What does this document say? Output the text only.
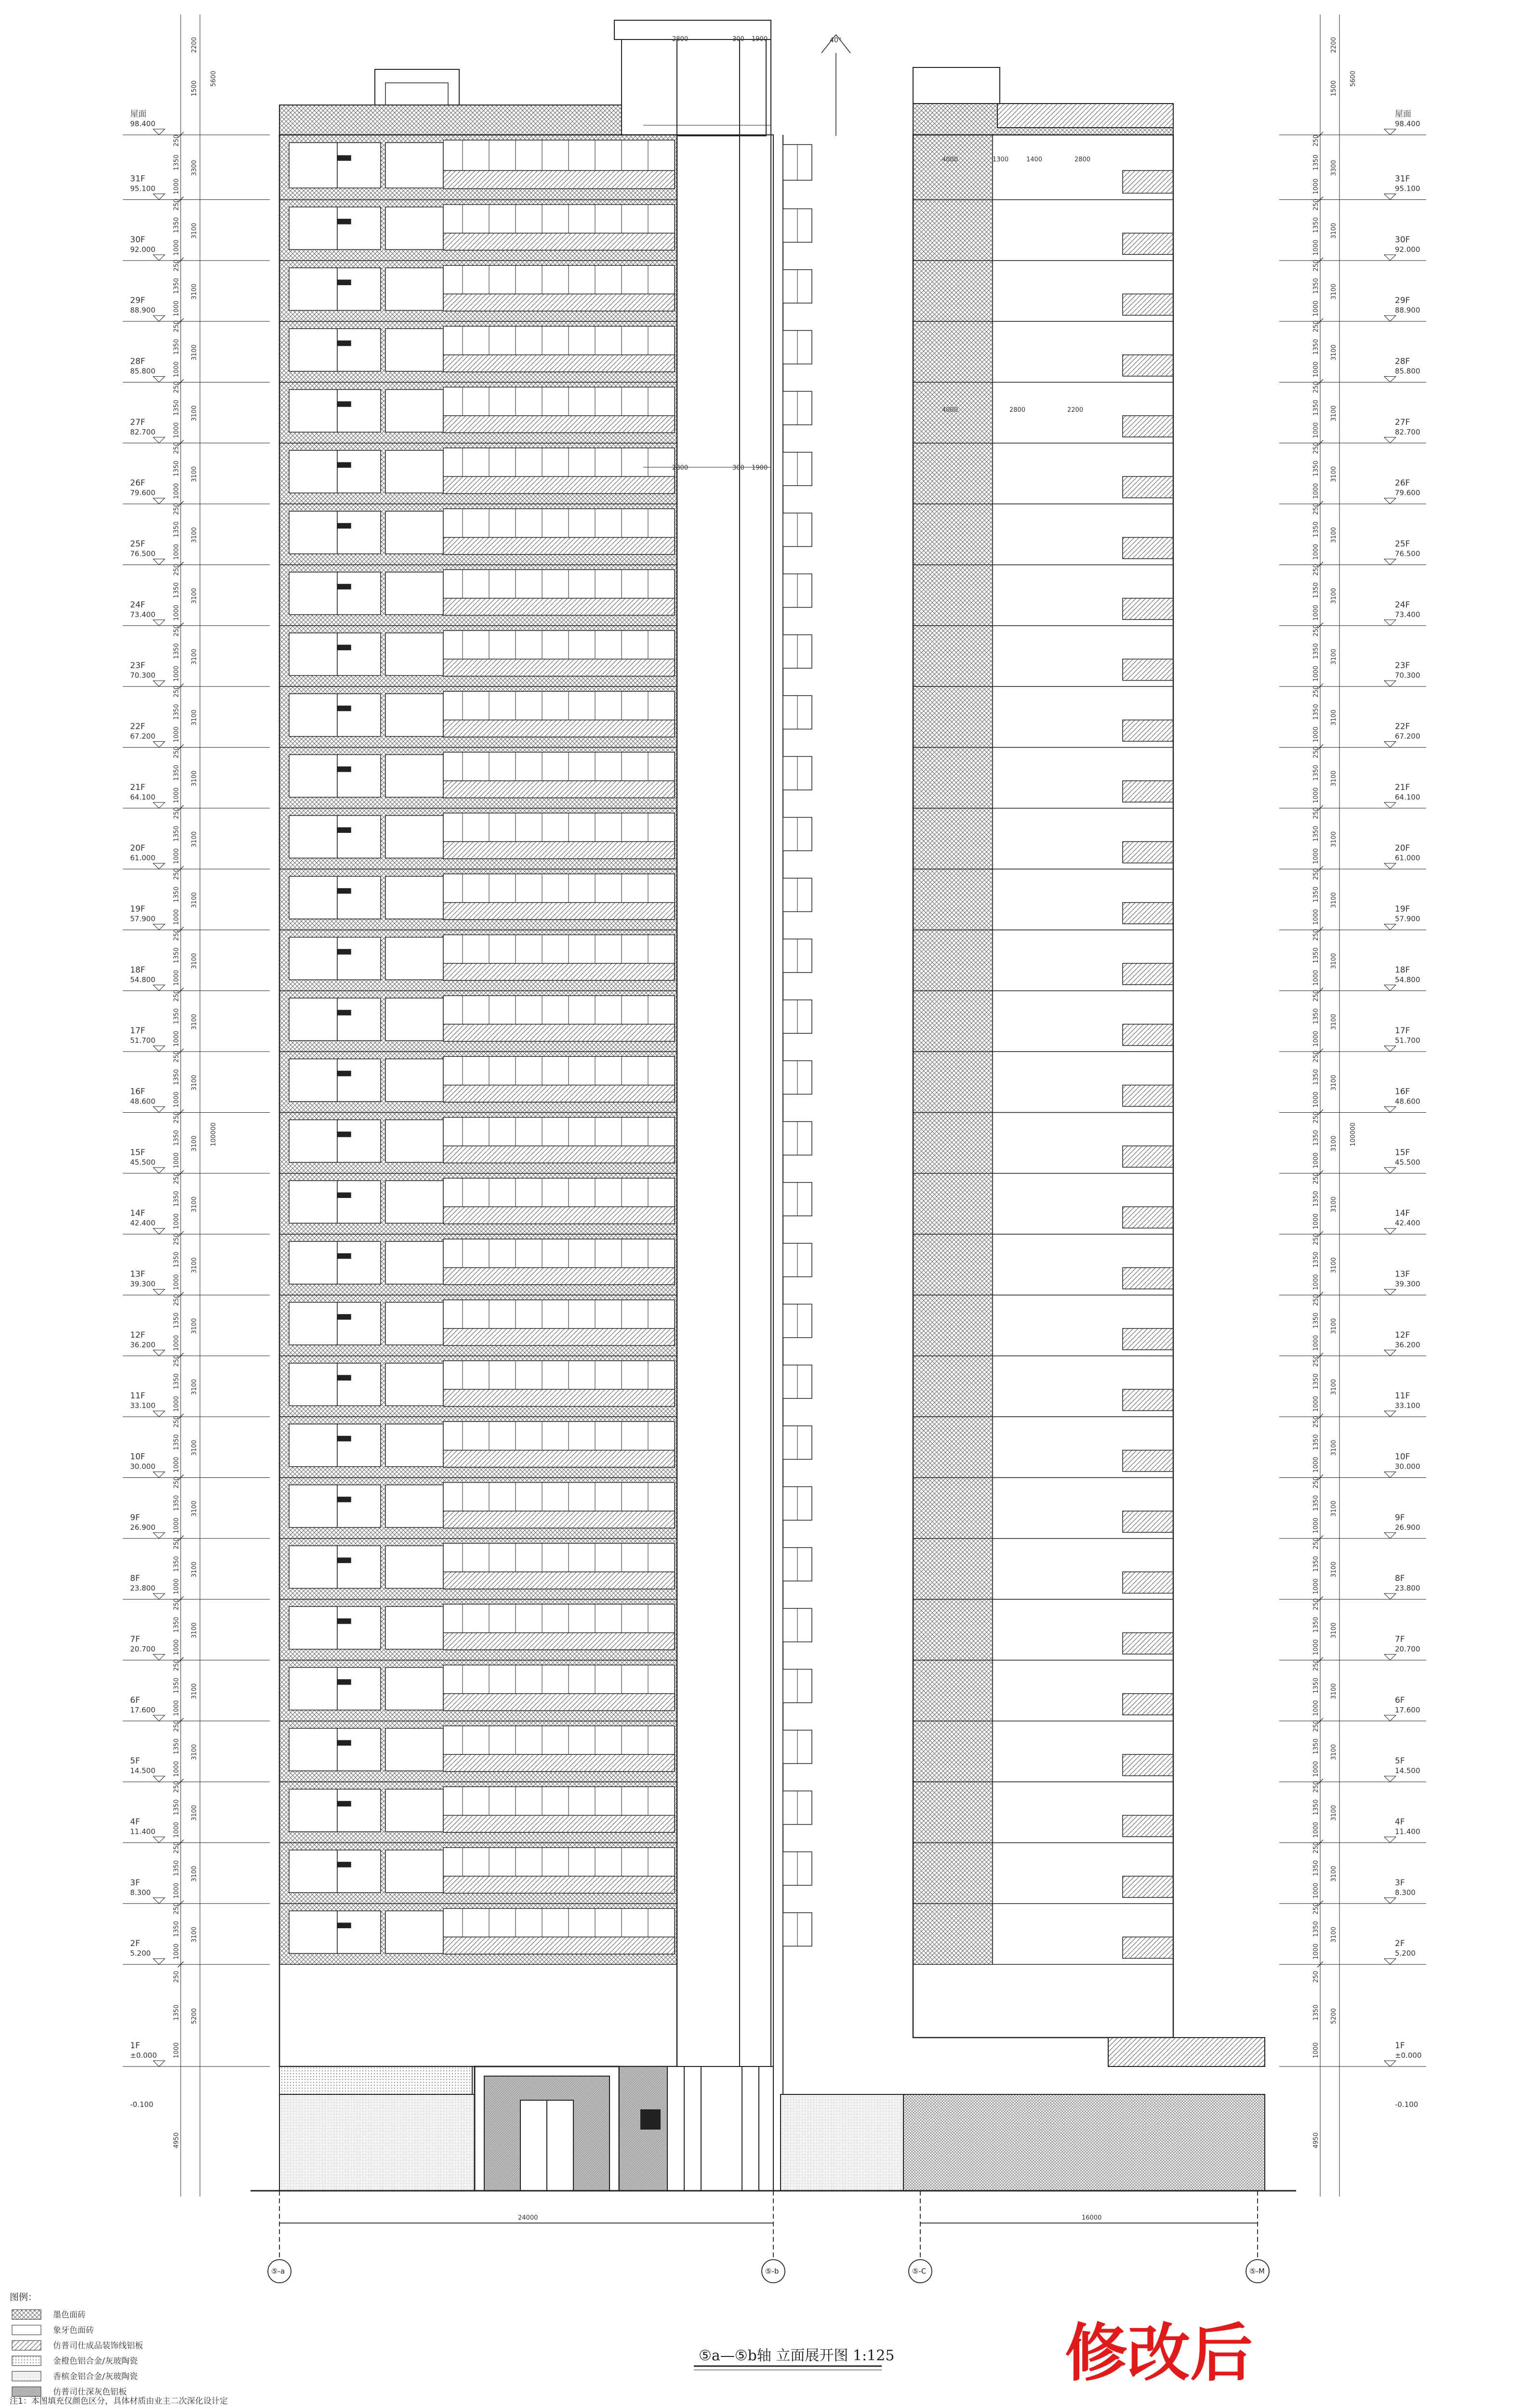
40°
1F
±0.000
2F
5.200
3F
8.300
4F
11.400
5F
14.500
6F
17.600
7F
20.700
8F
23.800
9F
26.900
10F
30.000
11F
33.100
12F
36.200
13F
39.300
14F
42.400
15F
45.500
16F
48.600
17F
51.700
18F
54.800
19F
57.900
20F
61.000
21F
64.100
22F
67.200
23F
70.300
24F
73.400
25F
76.500
26F
79.600
27F
82.700
28F
85.800
29F
88.900
30F
92.000
31F
95.100
屋面
98.400
-0.100
1F
±0.000
2F
5.200
3F
8.300
4F
11.400
5F
14.500
6F
17.600
7F
20.700
8F
23.800
9F
26.900
10F
30.000
11F
33.100
12F
36.200
13F
39.300
14F
42.400
15F
45.500
16F
48.600
17F
51.700
18F
54.800
19F
57.900
20F
61.000
21F
64.100
22F
67.200
23F
70.300
24F
73.400
25F
76.500
26F
79.600
27F
82.700
28F
85.800
29F
88.900
30F
92.000
31F
95.100
屋面
98.400
-0.100
5200
250
1350
1000
3100
250
1350
1000
3100
250
1350
1000
3100
250
1350
1000
3100
250
1350
1000
3100
250
1350
1000
3100
250
1350
1000
3100
250
1350
1000
3100
250
1350
1000
3100
250
1350
1000
3100
250
1350
1000
3100
250
1350
1000
3100
250
1350
1000
3100
250
1350
1000
3100
250
1350
1000
3100
250
1350
1000
3100
250
1350
1000
3100
250
1350
1000
3100
250
1350
1000
3100
250
1350
1000
3100
250
1350
1000
3100
250
1350
1000
3100
250
1350
1000
3100
250
1350
1000
3100
250
1350
1000
3100
250
1350
1000
3100
250
1350
1000
3100
250
1350
1000
3100
250
1350
1000
3100
250
1350
1000
3300
250
1350
1000
1500
2200
5600
100000
4950
5200
250
1350
1000
3100
250
1350
1000
3100
250
1350
1000
3100
250
1350
1000
3100
250
1350
1000
3100
250
1350
1000
3100
250
1350
1000
3100
250
1350
1000
3100
250
1350
1000
3100
250
1350
1000
3100
250
1350
1000
3100
250
1350
1000
3100
250
1350
1000
3100
250
1350
1000
3100
250
1350
1000
3100
250
1350
1000
3100
250
1350
1000
3100
250
1350
1000
3100
250
1350
1000
3100
250
1350
1000
3100
250
1350
1000
3100
250
1350
1000
3100
250
1350
1000
3100
250
1350
1000
3100
250
1350
1000
3100
250
1350
1000
3100
250
1350
1000
3100
250
1350
1000
3100
250
1350
1000
3100
250
1350
1000
3300
250
1350
1000
1500
2200
5600
100000
4950
2800	300 1900
2800	300 1900
4000	1300	1400	2800
4000	2800	2200
⑤-a	⑤-b	⑤-C	⑤-M
24000	16000
图例：
墨色面砖
象牙色面砖
仿普司仕成品装饰线铝板
金橙色铝合金/灰玻陶瓷
香槟金铝合金/灰玻陶瓷
仿普司仕深灰色铝板
⑤a—⑤b轴 立面展开图 1:125	修改后
注1：本图填充仅颜色区分，具体材质由业主二次深化设计定
